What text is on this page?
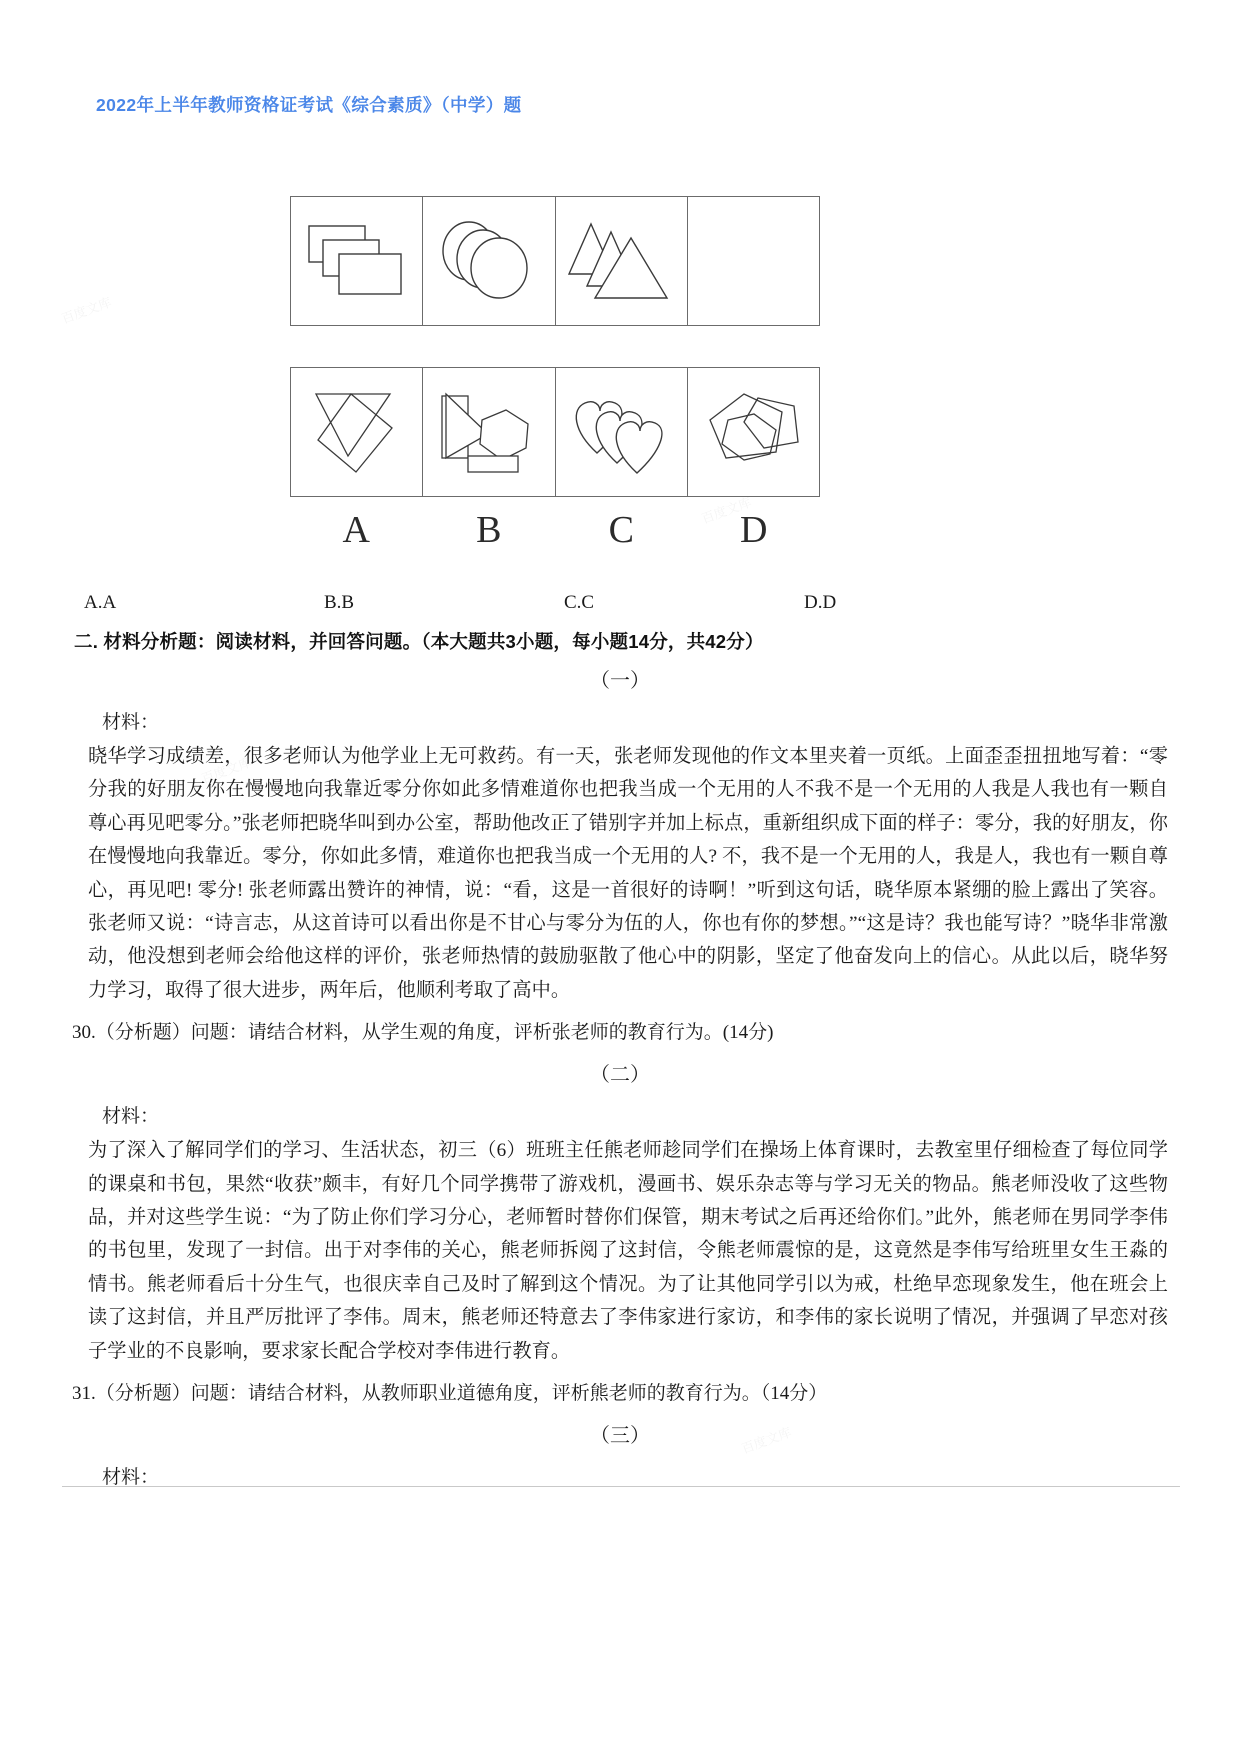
2022年上半年教师资格证考试《综合素质》（中学）题
A	B	C	D
A.A	B.B	C.C	D.D
二. 材料分析题：阅读材料，并回答问题。（本大题共3小题，每小题14分，共42分）
（一）
材料：
晓华学习成绩差，很多老师认为他学业上无可救药。有一天，张老师发现他的作文本里夹着一页纸。上面歪歪扭扭地写着：“零分我的好朋友你在慢慢地向我靠近零分你如此多情难道你也把我当成一个无用的人不我不是一个无用的人我是人我也有一颗自尊心再见吧零分。”张老师把晓华叫到办公室，帮助他改正了错别字并加上标点，重新组织成下面的样子：零分，我的好朋友，你在慢慢地向我靠近。零分，你如此多情，难道你也把我当成一个无用的人? 不，我不是一个无用的人，我是人，我也有一颗自尊心，再见吧! 零分! 张老师露出赞许的神情，说：“看，这是一首很好的诗啊！”听到这句话，晓华原本紧绷的脸上露出了笑容。张老师又说：“诗言志，从这首诗可以看出你是不甘心与零分为伍的人，你也有你的梦想。”“这是诗？我也能写诗？”晓华非常激动，他没想到老师会给他这样的评价，张老师热情的鼓励驱散了他心中的阴影，坚定了他奋发向上的信心。从此以后，晓华努力学习，取得了很大进步，两年后，他顺利考取了高中。
30.（分析题）问题：请结合材料，从学生观的角度，评析张老师的教育行为。(14分)
（二）
材料：
为了深入了解同学们的学习、生活状态，初三（6）班班主任熊老师趁同学们在操场上体育课时，去教室里仔细检查了每位同学的课桌和书包，果然“收获”颇丰，有好几个同学携带了游戏机，漫画书、娱乐杂志等与学习无关的物品。熊老师没收了这些物品，并对这些学生说：“为了防止你们学习分心，老师暂时替你们保管，期末考试之后再还给你们。”此外，熊老师在男同学李伟的书包里，发现了一封信。出于对李伟的关心，熊老师拆阅了这封信，令熊老师震惊的是，这竟然是李伟写给班里女生王淼的情书。熊老师看后十分生气，也很庆幸自己及时了解到这个情况。为了让其他同学引以为戒，杜绝早恋现象发生，他在班会上读了这封信，并且严厉批评了李伟。周末，熊老师还特意去了李伟家进行家访，和李伟的家长说明了情况，并强调了早恋对孩子学业的不良影响，要求家长配合学校对李伟进行教育。
31.（分析题）问题：请结合材料，从教师职业道德角度，评析熊老师的教育行为。（14分）
（三）
材料：
